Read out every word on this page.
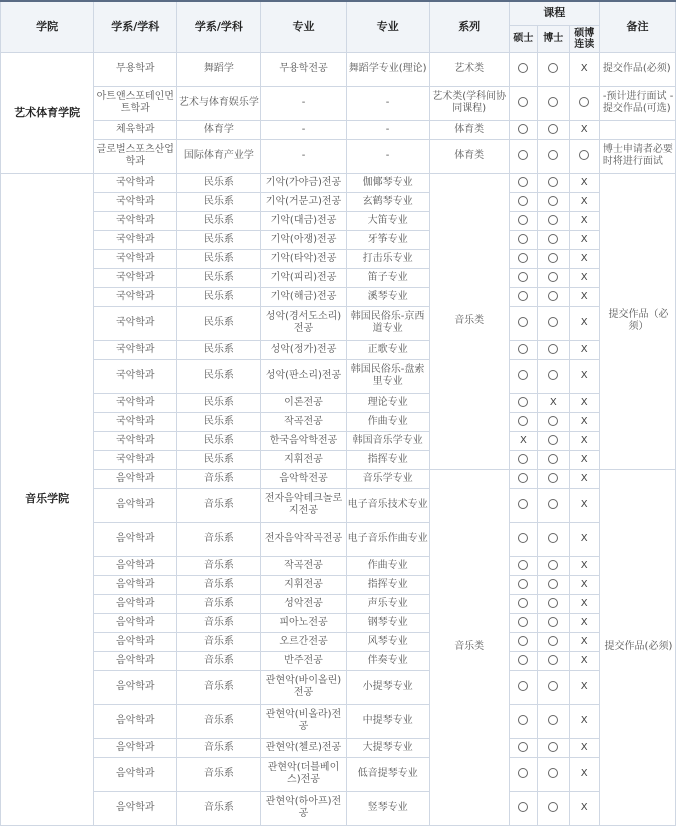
学院	学系/学科	学系/学科	专业	专业	系列	课程			备注
						硕士	博士	硕博连读	
艺术体育学院	무용학과	舞蹈学	무용학전공	舞蹈学专业(理论)	艺术类			X	提交作品(必须)
	아트앤스포테인먼트학과	艺术与体育娱乐学	-	-	艺术类(学科间协同课程)				-预计进行面试 -提交作品(可选)
	체육학과	体育学	-	-	体育类			X	
	글로벌스포츠산업학과	国际体育产业学	-	-	体育类				博士申请者必要时将进行面试
音乐学院	국악학과	民乐系	기악(가야금)전공	伽倻琴专业	音乐类			X	提交作品（必须）
	국악학과	民乐系	기악(거문고)전공	玄鹤琴专业				X	
	국악학과	民乐系	기악(대금)전공	大笛专业				X	
	국악학과	民乐系	기악(아쟁)전공	牙筝专业				X	
	국악학과	民乐系	기악(타악)전공	打击乐专业				X	
	국악학과	民乐系	기악(피리)전공	笛子专业				X	
	국악학과	民乐系	기악(해금)전공	溪琴专业				X	
	국악학과	民乐系	성악(경서도소리)전공	韩国民俗乐-京西道专业				X	
	국악학과	民乐系	성악(정가)전공	正歌专业				X	
	국악학과	民乐系	성악(판소리)전공	韩国民俗乐-盘索里专业				X	
	국악학과	民乐系	이론전공	理论专业			X	X	
	국악학과	民乐系	작곡전공	作曲专业				X	
	국악학과	民乐系	한국음악학전공	韩国音乐学专业		X		X	
	국악학과	民乐系	지휘전공	指挥专业				X	
	음악학과	音乐系	음악학전공	音乐学专业	音乐类			X	提交作品(必须)
	음악학과	音乐系	전자음악테크놀로지전공	电子音乐技术专业				X	
	음악학과	音乐系	전자음악작곡전공	电子音乐作曲专业				X	
	음악학과	音乐系	작곡전공	作曲专业				X	
	음악학과	音乐系	지휘전공	指挥专业				X	
	음악학과	音乐系	성악전공	声乐专业				X	
	음악학과	音乐系	피아노전공	钢琴专业				X	
	음악학과	音乐系	오르간전공	风琴专业				X	
	음악학과	音乐系	반주전공	伴奏专业				X	
	음악학과	音乐系	관현악(바이올린)전공	小提琴专业				X	
	음악학과	音乐系	관현악(비올라)전공	中提琴专业				X	
	음악학과	音乐系	관현악(첼로)전공	大提琴专业				X	
	음악학과	音乐系	관현악(더블베이스)전공	低音提琴专业				X	
	음악학과	音乐系	관현악(하아프)전공	竖琴专业				X	
